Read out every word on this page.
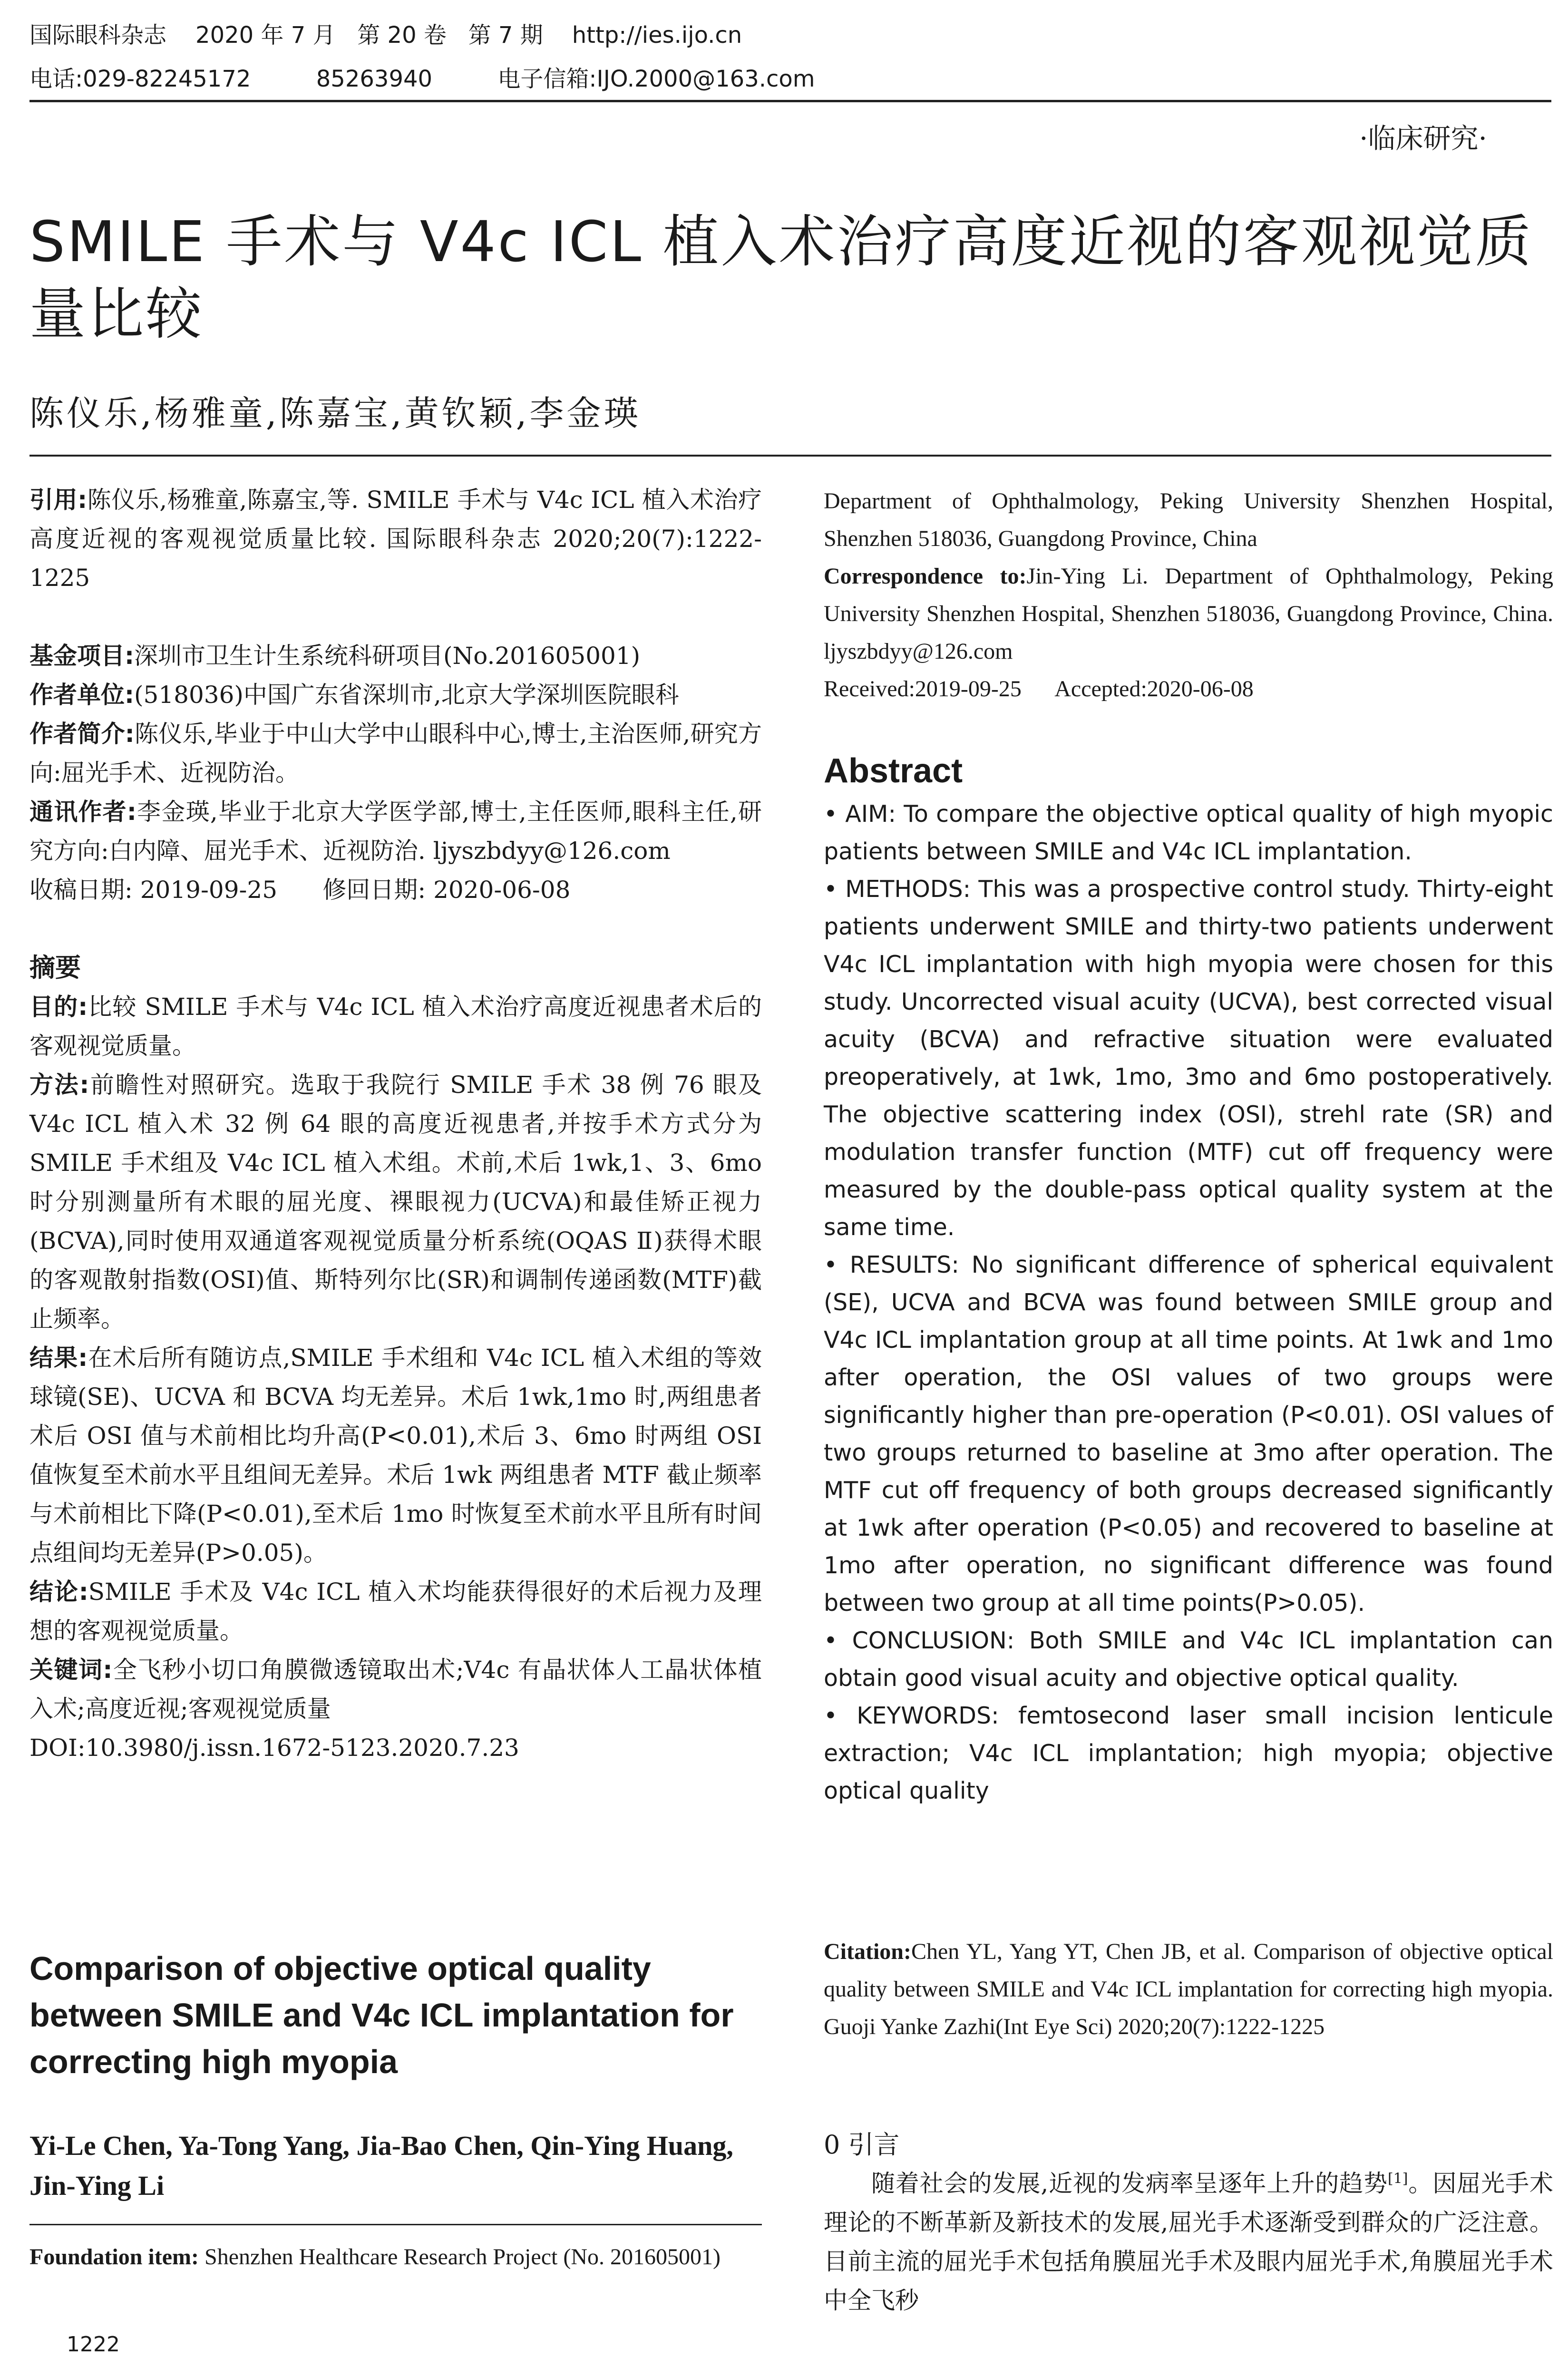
国际眼科杂志    2020 年 7 月   第 20 卷   第 7 期    http://ies.ijo.cn
电话:029-82245172         85263940         电子信箱:IJO.2000@163.com
·临床研究·
SMILE 手术与 V4c ICL 植入术治疗高度近视的客观视觉质量比较
陈仪乐,杨雅童,陈嘉宝,黄钦颖,李金瑛

引用:陈仪乐,杨雅童,陈嘉宝,等. SMILE 手术与 V4c ICL 植入术治疗高度近视的客观视觉质量比较. 国际眼科杂志 2020;20(7):1222-1225

基金项目:深圳市卫生计生系统科研项目(No.201605001)

作者单位:(518036)中国广东省深圳市,北京大学深圳医院眼科

作者简介:陈仪乐,毕业于中山大学中山眼科中心,博士,主治医师,研究方向:屈光手术、近视防治。

通讯作者:李金瑛,毕业于北京大学医学部,博士,主任医师,眼科主任,研究方向:白内障、屈光手术、近视防治. ljyszbdyy@126.com

收稿日期: 2019-09-25      修回日期: 2020-06-08

摘要

目的:比较 SMILE 手术与 V4c ICL 植入术治疗高度近视患者术后的客观视觉质量。

方法:前瞻性对照研究。选取于我院行 SMILE 手术 38 例 76 眼及 V4c ICL 植入术 32 例 64 眼的高度近视患者,并按手术方式分为 SMILE 手术组及 V4c ICL 植入术组。术前,术后 1wk,1、3、6mo 时分别测量所有术眼的屈光度、裸眼视力(UCVA)和最佳矫正视力(BCVA),同时使用双通道客观视觉质量分析系统(OQAS Ⅱ)获得术眼的客观散射指数(OSI)值、斯特列尔比(SR)和调制传递函数(MTF)截止频率。

结果:在术后所有随访点,SMILE 手术组和 V4c ICL 植入术组的等效球镜(SE)、UCVA 和 BCVA 均无差异。术后 1wk,1mo 时,两组患者术后 OSI 值与术前相比均升高(P<0.01),术后 3、6mo 时两组 OSI 值恢复至术前水平且组间无差异。术后 1wk 两组患者 MTF 截止频率与术前相比下降(P<0.01),至术后 1mo 时恢复至术前水平且所有时间点组间均无差异(P>0.05)。

结论:SMILE 手术及 V4c ICL 植入术均能获得很好的术后视力及理想的客观视觉质量。

关键词:全飞秒小切口角膜微透镜取出术;V4c 有晶状体人工晶状体植入术;高度近视;客观视觉质量

DOI:10.3980/j.issn.1672-5123.2020.7.23

Comparison of objective optical quality between SMILE and V4c ICL implantation for correcting high myopia
Yi-Le Chen, Ya-Tong Yang, Jia-Bao Chen, Qin-Ying Huang, Jin-Ying Li

Foundation item: Shenzhen Healthcare Research Project (No. 201605001)

1222

Department of Ophthalmology, Peking University Shenzhen Hospital, Shenzhen 518036, Guangdong Province, China

Correspondence to:Jin-Ying Li. Department of Ophthalmology, Peking University Shenzhen Hospital, Shenzhen 518036, Guangdong Province, China. ljyszbdyy@126.com

Received:2019-09-25      Accepted:2020-06-08

Abstract

• AIM: To compare the objective optical quality of high myopic patients between SMILE and V4c ICL implantation.

• METHODS: This was a prospective control study. Thirty-eight patients underwent SMILE and thirty-two patients underwent V4c ICL implantation with high myopia were chosen for this study. Uncorrected visual acuity (UCVA), best corrected visual acuity (BCVA) and refractive situation were evaluated preoperatively, at 1wk, 1mo, 3mo and 6mo postoperatively. The objective scattering index (OSI), strehl rate (SR) and modulation transfer function (MTF) cut off frequency were measured by the double-pass optical quality system at the same time.

• RESULTS: No significant difference of spherical equivalent (SE), UCVA and BCVA was found between SMILE group and V4c ICL implantation group at all time points. At 1wk and 1mo after operation, the OSI values of two groups were significantly higher than pre-operation (P<0.01). OSI values of two groups returned to baseline at 3mo after operation. The MTF cut off frequency of both groups decreased significantly at 1wk after operation (P<0.05) and recovered to baseline at 1mo after operation, no significant difference was found between two group at all time points(P>0.05).

• CONCLUSION: Both SMILE and V4c ICL implantation can obtain good visual acuity and objective optical quality.

• KEYWORDS: femtosecond laser small incision lenticule extraction; V4c ICL implantation; high myopia; objective optical quality

Citation:Chen YL, Yang YT, Chen JB, et al. Comparison of objective optical quality between SMILE and V4c ICL implantation for correcting high myopia. Guoji Yanke Zazhi(Int Eye Sci) 2020;20(7):1222-1225

0 引言

随着社会的发展,近视的发病率呈逐年上升的趋势[1]。因屈光手术理论的不断革新及新技术的发展,屈光手术逐渐受到群众的广泛注意。目前主流的屈光手术包括角膜屈光手术及眼内屈光手术,角膜屈光手术中全飞秒
